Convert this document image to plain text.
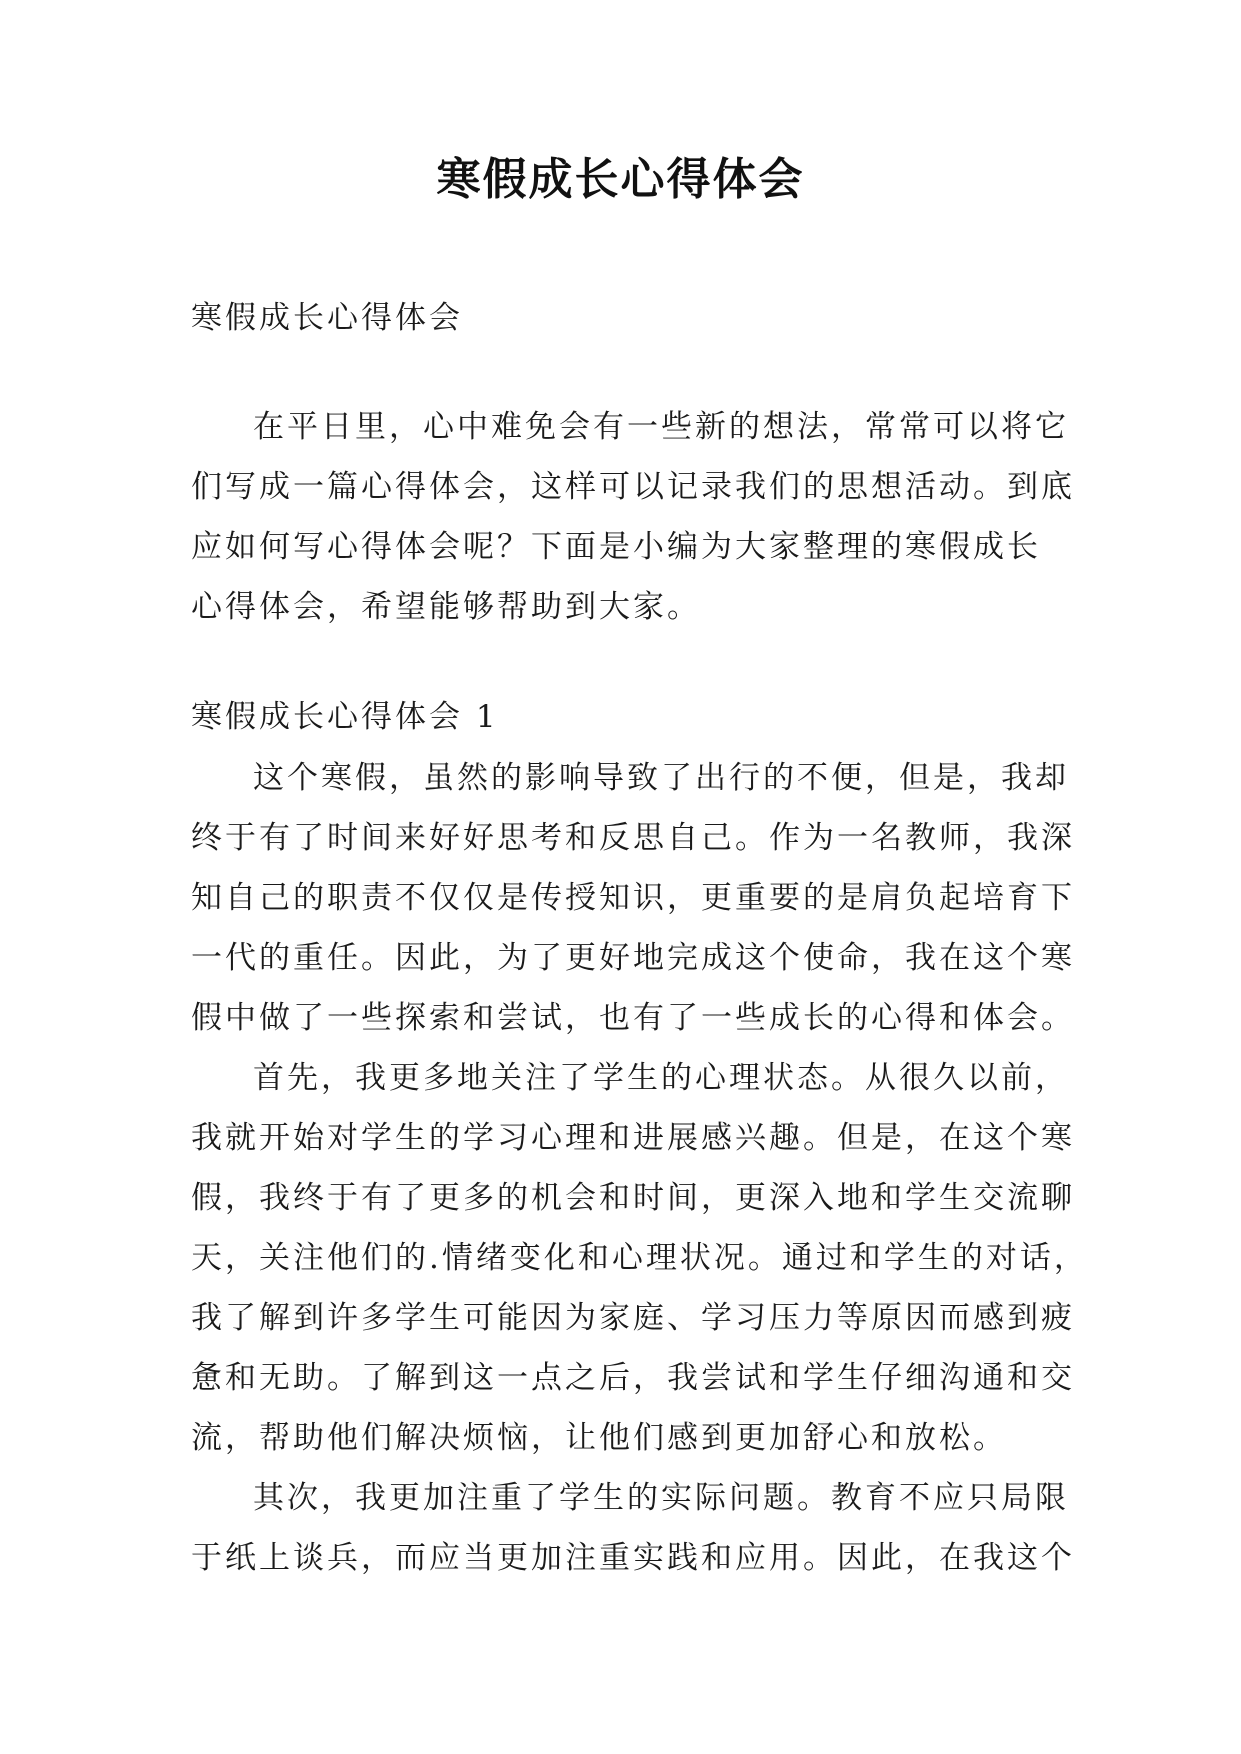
寒假成长心得体会
寒假成长心得体会
在平日里，心中难免会有一些新的想法，常常可以将它
们写成一篇心得体会，这样可以记录我们的思想活动。到底
应如何写心得体会呢？下面是小编为大家整理的寒假成长
心得体会，希望能够帮助到大家。
寒假成长心得体会 1
这个寒假，虽然的影响导致了出行的不便，但是，我却
终于有了时间来好好思考和反思自己。作为一名教师，我深
知自己的职责不仅仅是传授知识，更重要的是肩负起培育下
一代的重任。因此，为了更好地完成这个使命，我在这个寒
假中做了一些探索和尝试，也有了一些成长的心得和体会。
首先，我更多地关注了学生的心理状态。从很久以前，
我就开始对学生的学习心理和进展感兴趣。但是，在这个寒
假，我终于有了更多的机会和时间，更深入地和学生交流聊
天，关注他们的.情绪变化和心理状况。通过和学生的对话，
我了解到许多学生可能因为家庭、学习压力等原因而感到疲
惫和无助。了解到这一点之后，我尝试和学生仔细沟通和交
流，帮助他们解决烦恼，让他们感到更加舒心和放松。
其次，我更加注重了学生的实际问题。教育不应只局限
于纸上谈兵，而应当更加注重实践和应用。因此，在我这个
